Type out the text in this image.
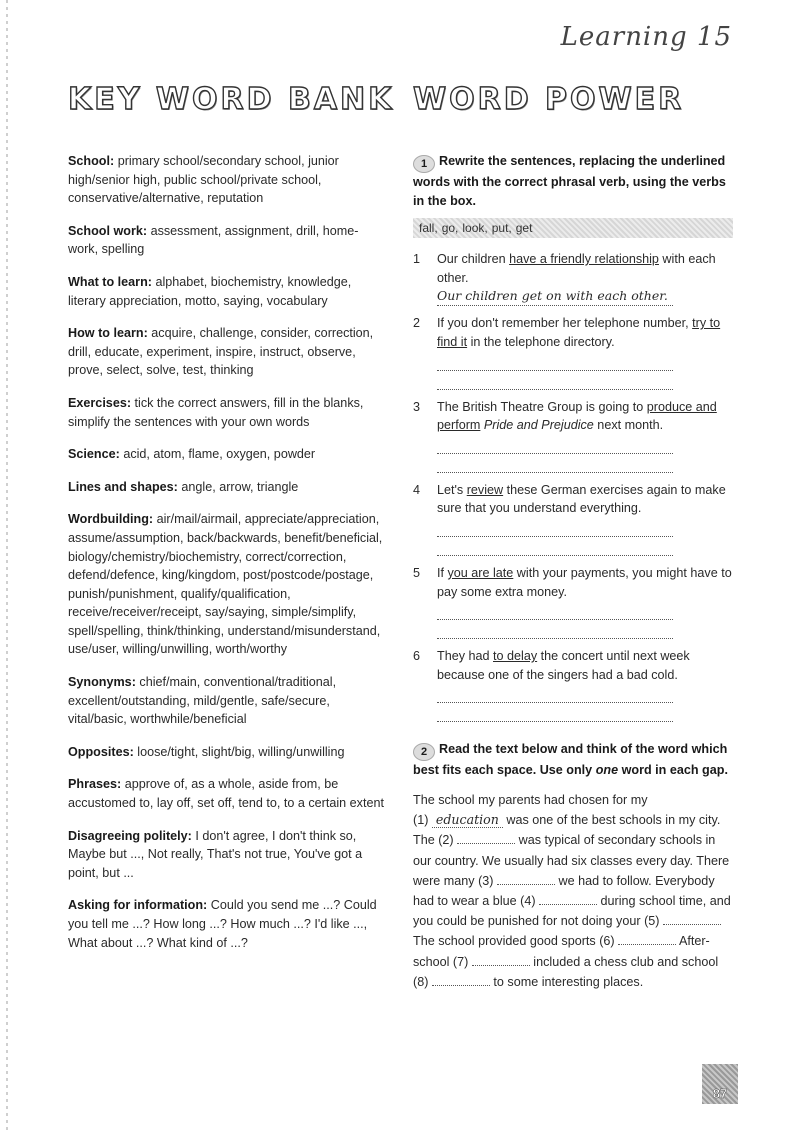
Learning 15
KEY WORD BANK WORD POWER

School: primary school/secondary school, junior high/senior high, public school/private school, conservative/alternative, reputation

School work: assessment, assignment, drill, home-work, spelling

What to learn: alphabet, biochemistry, knowledge, literary appreciation, motto, saying, vocabulary

How to learn: acquire, challenge, consider, correction, drill, educate, experiment, inspire, instruct, observe, prove, select, solve, test, thinking

Exercises: tick the correct answers, fill in the blanks, simplify the sentences with your own words

Science: acid, atom, flame, oxygen, powder

Lines and shapes: angle, arrow, triangle

Wordbuilding: air/mail/airmail, appreciate/appreciation, assume/assumption, back/backwards, benefit/beneficial, biology/chemistry/biochemistry, correct/correction, defend/defence, king/kingdom, post/postcode/postage, punish/punishment, qualify/qualification, receive/receiver/receipt, say/saying, simple/simplify, spell/spelling, think/thinking, understand/misunderstand, use/user, willing/unwilling, worth/worthy

Synonyms: chief/main, conventional/traditional, excellent/outstanding, mild/gentle, safe/secure, vital/basic, worthwhile/beneficial

Opposites: loose/tight, slight/big, willing/unwilling

Phrases: approve of, as a whole, aside from, be accustomed to, lay off, set off, tend to, to a certain extent

Disagreeing politely: I don't agree, I don't think so, Maybe but ..., Not really, That's not true, You've got a point, but ...

Asking for information: Could you send me ...? Could you tell me ...? How long ...? How much ...? I'd like ..., What about ...? What kind of ...?

1 Rewrite the sentences, replacing the underlined words with the correct phrasal verb, using the verbs in the box.

fall, go, look, put, get
1 Our children have a friendly relationship with each other.
Our children get on with each other.
2 If you don't remember her telephone number, try to find it in the telephone directory.
3 The British Theatre Group is going to produce and perform Pride and Prejudice next month.
4 Let's review these German exercises again to make sure that you understand everything.
5 If you are late with your payments, you might have to pay some extra money.
6 They had to delay the concert until next week because one of the singers had a bad cold.

2 Read the text below and think of the word which best fits each space. Use only one word in each gap.

The school my parents had chosen for my
(1) education was one of the best schools in my city. The (2)	was typical of secondary schools in our country. We usually had six classes every day. There were many (3)	we had to follow. Everybody had to wear a blue (4)	during school time, and you could be punished for not doing your (5)  The school provided good sports (6)	After-school (7)	included a chess club and school (8)	to some interesting places.

87
